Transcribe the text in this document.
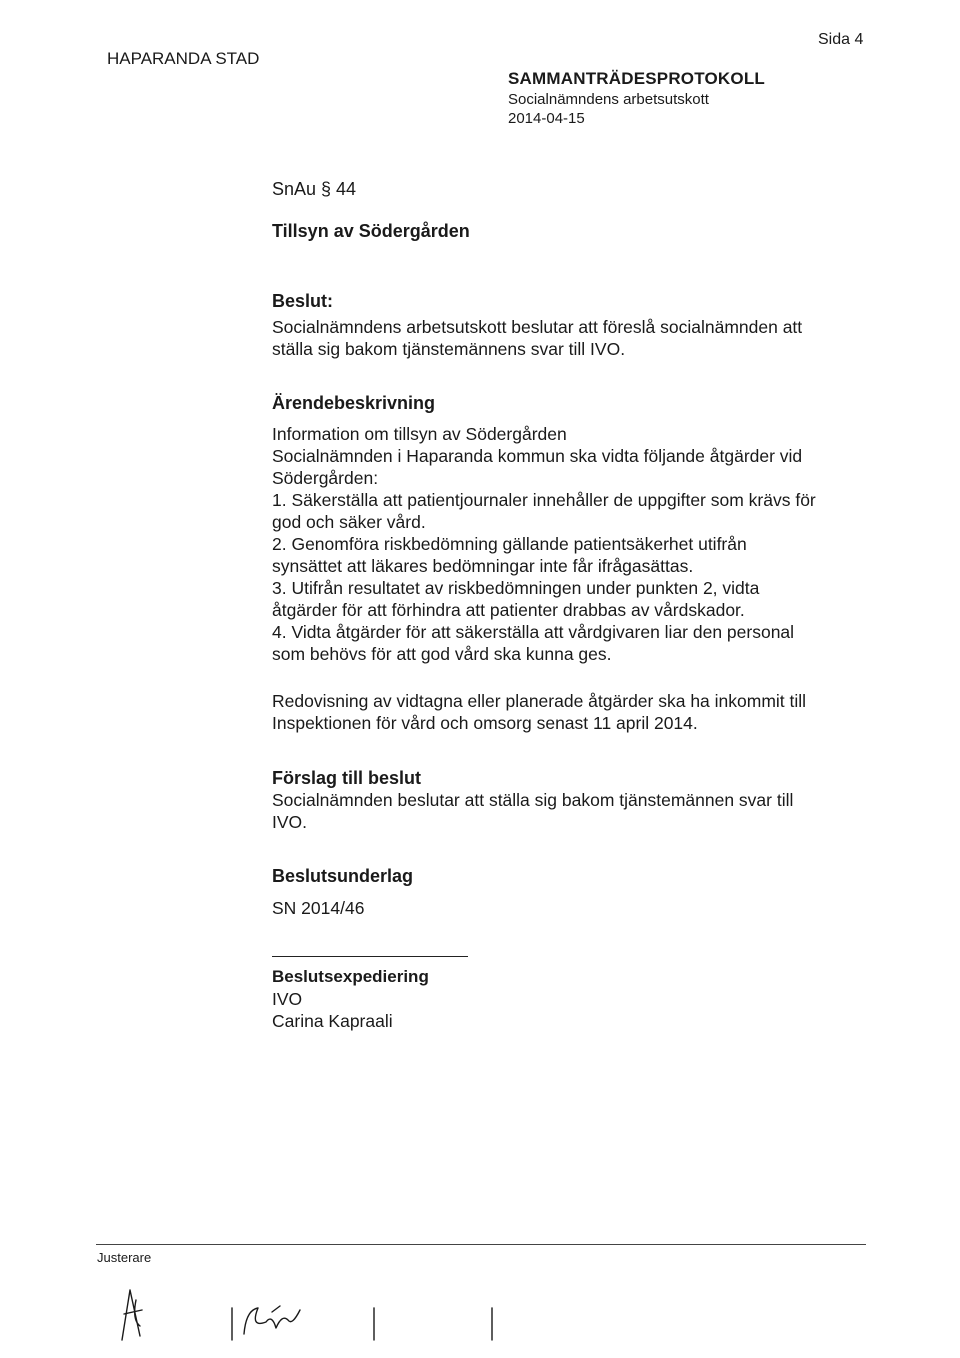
HAPARANDA STAD
Sida 4
SAMMANTRÄDESPROTOKOLL
Socialnämndens arbetsutskott
2014-04-15
SnAu § 44
Tillsyn av Södergården
Beslut:

Socialnämndens arbetsutskott beslutar att föreslå socialnämnden att

ställa sig bakom tjänstemännens svar till IVO.

Ärendebeskrivning

Information om tillsyn av Södergården

Socialnämnden i Haparanda kommun ska vidta följande åtgärder vid

Södergården:

1. Säkerställa att patientjournaler innehåller de uppgifter som krävs för

god och säker vård.

2. Genomföra riskbedömning gällande patientsäkerhet utifrån

synsättet att läkares bedömningar inte får ifrågasättas.

3. Utifrån resultatet av riskbedömningen under punkten 2, vidta

åtgärder för att förhindra att patienter drabbas av vårdskador.

4. Vidta åtgärder för att säkerställa att vårdgivaren liar den personal

som behövs för att god vård ska kunna ges.

Redovisning av vidtagna eller planerade åtgärder ska ha inkommit till

Inspektionen för vård och omsorg senast 11 april 2014.

Förslag till beslut

Socialnämnden beslutar att ställa sig bakom tjänstemännen svar till

IVO.

Beslutsunderlag
SN 2014/46
Beslutsexpediering

IVO

Carina Kapraali

Justerare
